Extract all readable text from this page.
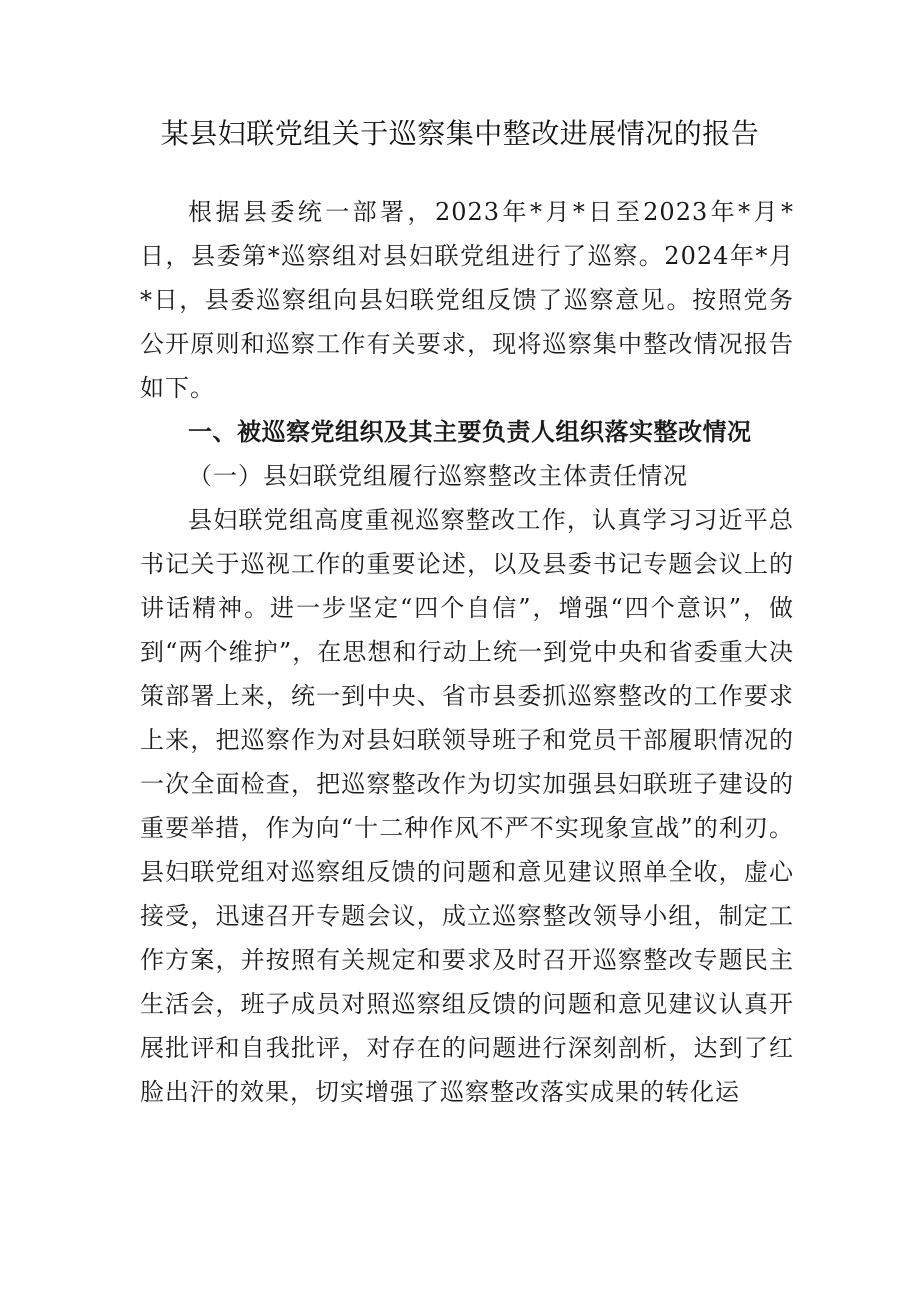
某县妇联党组关于巡察集中整改进展情况的报告

根据县委统一部署，2023年*月*日至2023年*月*日，县委第*巡察组对县妇联党组进行了巡察。2024年*月*日，县委巡察组向县妇联党组反馈了巡察意见。按照党务公开原则和巡察工作有关要求，现将巡察集中整改情况报告如下。

一、被巡察党组织及其主要负责人组织落实整改情况

（一）县妇联党组履行巡察整改主体责任情况

县妇联党组高度重视巡察整改工作，认真学习习近平总书记关于巡视工作的重要论述，以及县委书记专题会议上的讲话精神。进一步坚定“四个自信”，增强“四个意识”，做到“两个维护”，在思想和行动上统一到党中央和省委重大决策部署上来，统一到中央、省市县委抓巡察整改的工作要求上来，把巡察作为对县妇联领导班子和党员干部履职情况的一次全面检查，把巡察整改作为切实加强县妇联班子建设的重要举措，作为向“十二种作风不严不实现象宣战”的利刃。县妇联党组对巡察组反馈的问题和意见建议照单全收，虚心接受，迅速召开专题会议，成立巡察整改领导小组，制定工作方案，并按照有关规定和要求及时召开巡察整改专题民主生活会，班子成员对照巡察组反馈的问题和意见建议认真开展批评和自我批评，对存在的问题进行深刻剖析，达到了红脸出汗的效果，切实增强了巡察整改落实成果的转化运
